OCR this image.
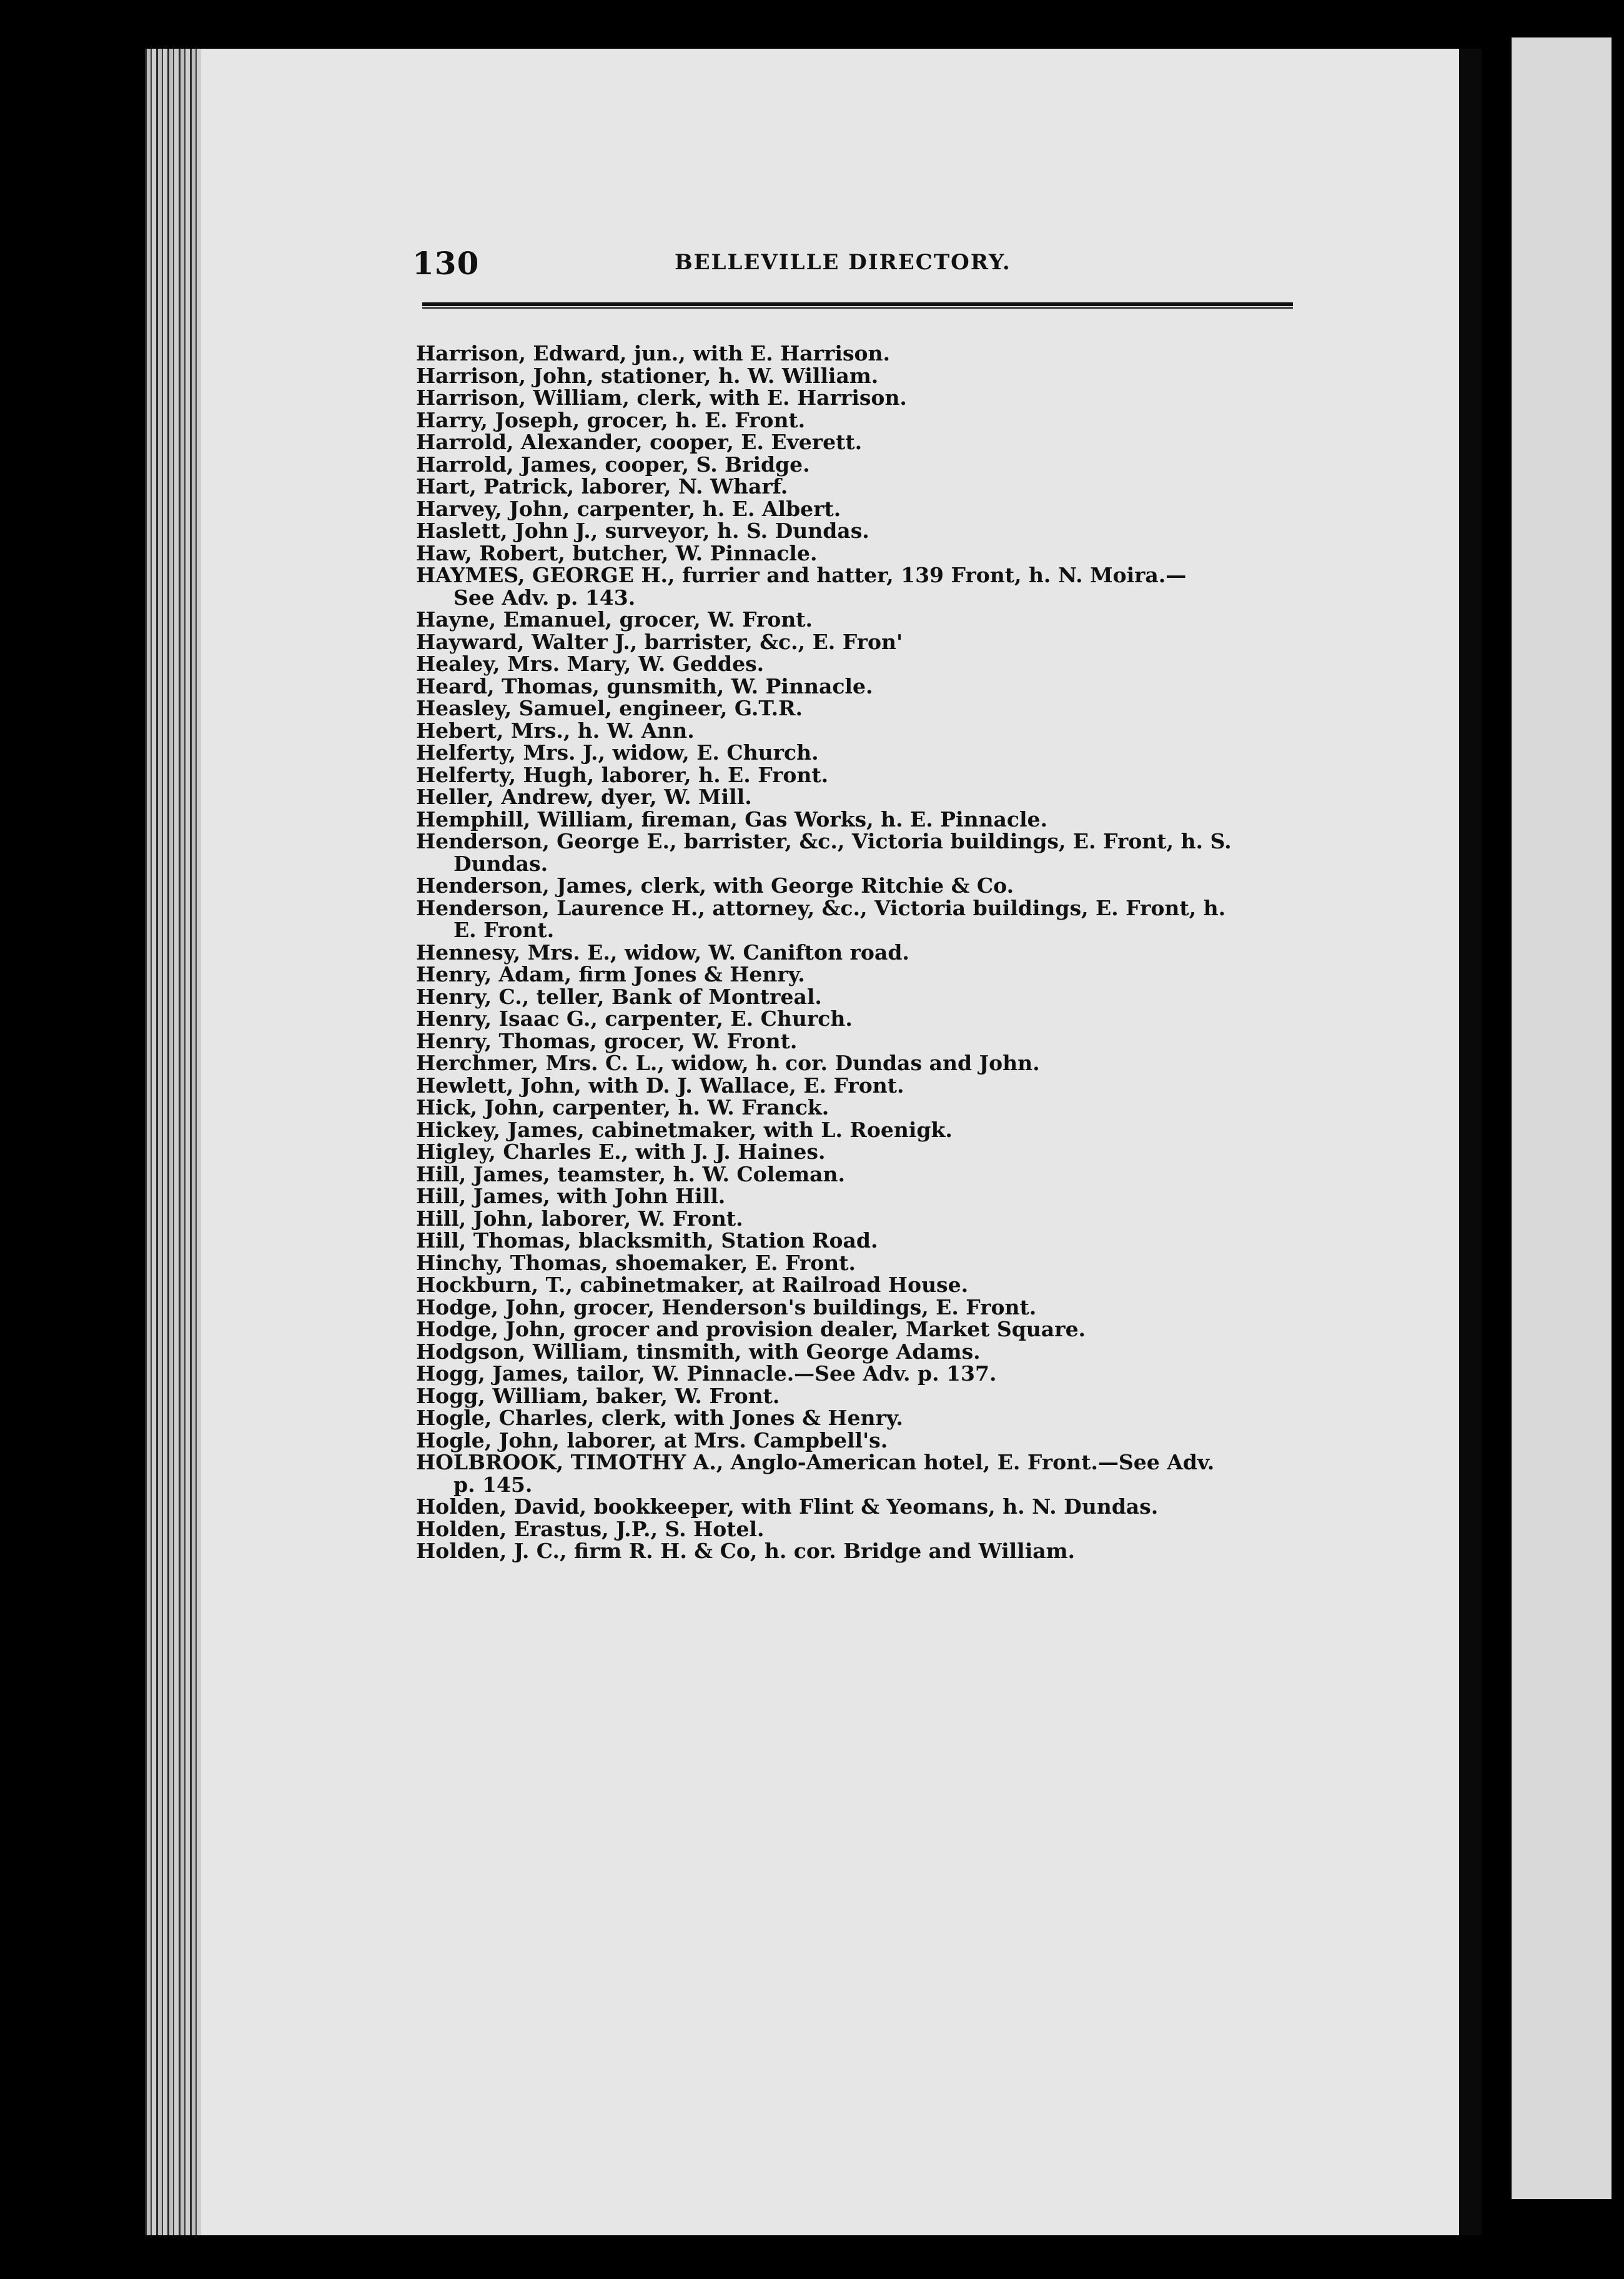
130	BELLEVILLE DIRECTORY.
Harrison, Edward, jun., with E. Harrison.
Harrison, John, stationer, h. W. William.
Harrison, William, clerk, with E. Harrison.
Harry, Joseph, grocer, h. E. Front.
Harrold, Alexander, cooper, E. Everett.
Harrold, James, cooper, S. Bridge.
Hart, Patrick, laborer, N. Wharf.
Harvey, John, carpenter, h. E. Albert.
Haslett, John J., surveyor, h. S. Dundas.
Haw, Robert, butcher, W. Pinnacle.
HAYMES, GEORGE H., furrier and hatter, 139 Front, h. N. Moira.—
See Adv. p. 143.
Hayne, Emanuel, grocer, W. Front.
Hayward, Walter J., barrister, &c., E. Fron'
Healey, Mrs. Mary, W. Geddes.
Heard, Thomas, gunsmith, W. Pinnacle.
Heasley, Samuel, engineer, G.T.R.
Hebert, Mrs., h. W. Ann.
Helferty, Mrs. J., widow, E. Church.
Helferty, Hugh, laborer, h. E. Front.
Heller, Andrew, dyer, W. Mill.
Hemphill, William, fireman, Gas Works, h. E. Pinnacle.
Henderson, George E., barrister, &c., Victoria buildings, E. Front, h. S.
Dundas.
Henderson, James, clerk, with George Ritchie & Co.
Henderson, Laurence H., attorney, &c., Victoria buildings, E. Front, h.
E. Front.
Hennesy, Mrs. E., widow, W. Canifton road.
Henry, Adam, firm Jones & Henry.
Henry, C., teller, Bank of Montreal.
Henry, Isaac G., carpenter, E. Church.
Henry, Thomas, grocer, W. Front.
Herchmer, Mrs. C. L., widow, h. cor. Dundas and John.
Hewlett, John, with D. J. Wallace, E. Front.
Hick, John, carpenter, h. W. Franck.
Hickey, James, cabinetmaker, with L. Roenigk.
Higley, Charles E., with J. J. Haines.
Hill, James, teamster, h. W. Coleman.
Hill, James, with John Hill.
Hill, John, laborer, W. Front.
Hill, Thomas, blacksmith, Station Road.
Hinchy, Thomas, shoemaker, E. Front.
Hockburn, T., cabinetmaker, at Railroad House.
Hodge, John, grocer, Henderson's buildings, E. Front.
Hodge, John, grocer and provision dealer, Market Square.
Hodgson, William, tinsmith, with George Adams.
Hogg, James, tailor, W. Pinnacle.—See Adv. p. 137.
Hogg, William, baker, W. Front.
Hogle, Charles, clerk, with Jones & Henry.
Hogle, John, laborer, at Mrs. Campbell's.
HOLBROOK, TIMOTHY A., Anglo-American hotel, E. Front.—See Adv.
p. 145.
Holden, David, bookkeeper, with Flint & Yeomans, h. N. Dundas.
Holden, Erastus, J.P., S. Hotel.
Holden, J. C., firm R. H. & Co, h. cor. Bridge and William.
